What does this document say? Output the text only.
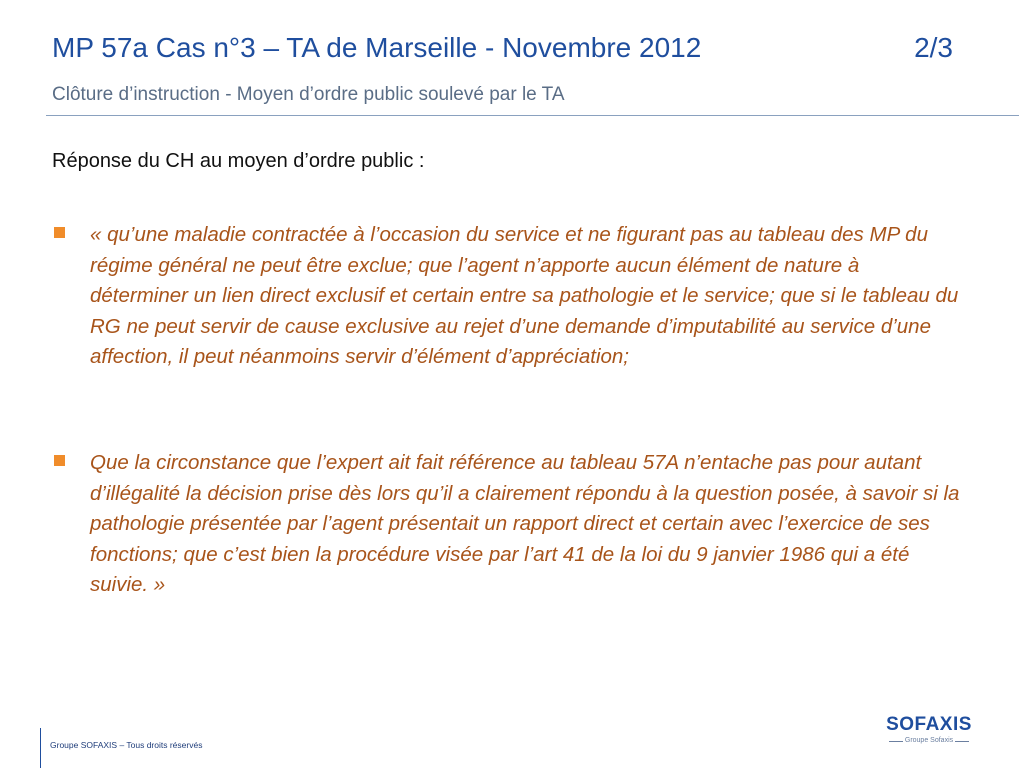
MP 57a Cas n°3 – TA de Marseille - Novembre 2012	2/3
Clôture d’instruction - Moyen d’ordre public soulevé par le TA
Réponse du CH au moyen d’ordre public :
« qu’une maladie contractée à l’occasion du service et ne figurant pas au tableau des MP du régime général ne peut être exclue; que l’agent n’apporte aucun élément de nature à déterminer un lien direct exclusif et certain entre sa pathologie et le service; que si le tableau du RG ne peut servir de cause exclusive au rejet d’une demande d’imputabilité au service d’une affection, il peut néanmoins servir d’élément d’appréciation;
Que la circonstance que l’expert ait fait référence au tableau 57A n’entache pas pour autant d’illégalité la décision prise dès lors qu’il a clairement répondu à la question posée, à savoir si la pathologie présentée par l’agent présentait un rapport direct et certain avec l’exercice de ses fonctions; que c’est bien la procédure visée par l’art 41 de la loi du 9 janvier 1986 qui a été suivie. »
Groupe SOFAXIS – Tous droits réservés
SOFAXIS
Groupe Sofaxis
